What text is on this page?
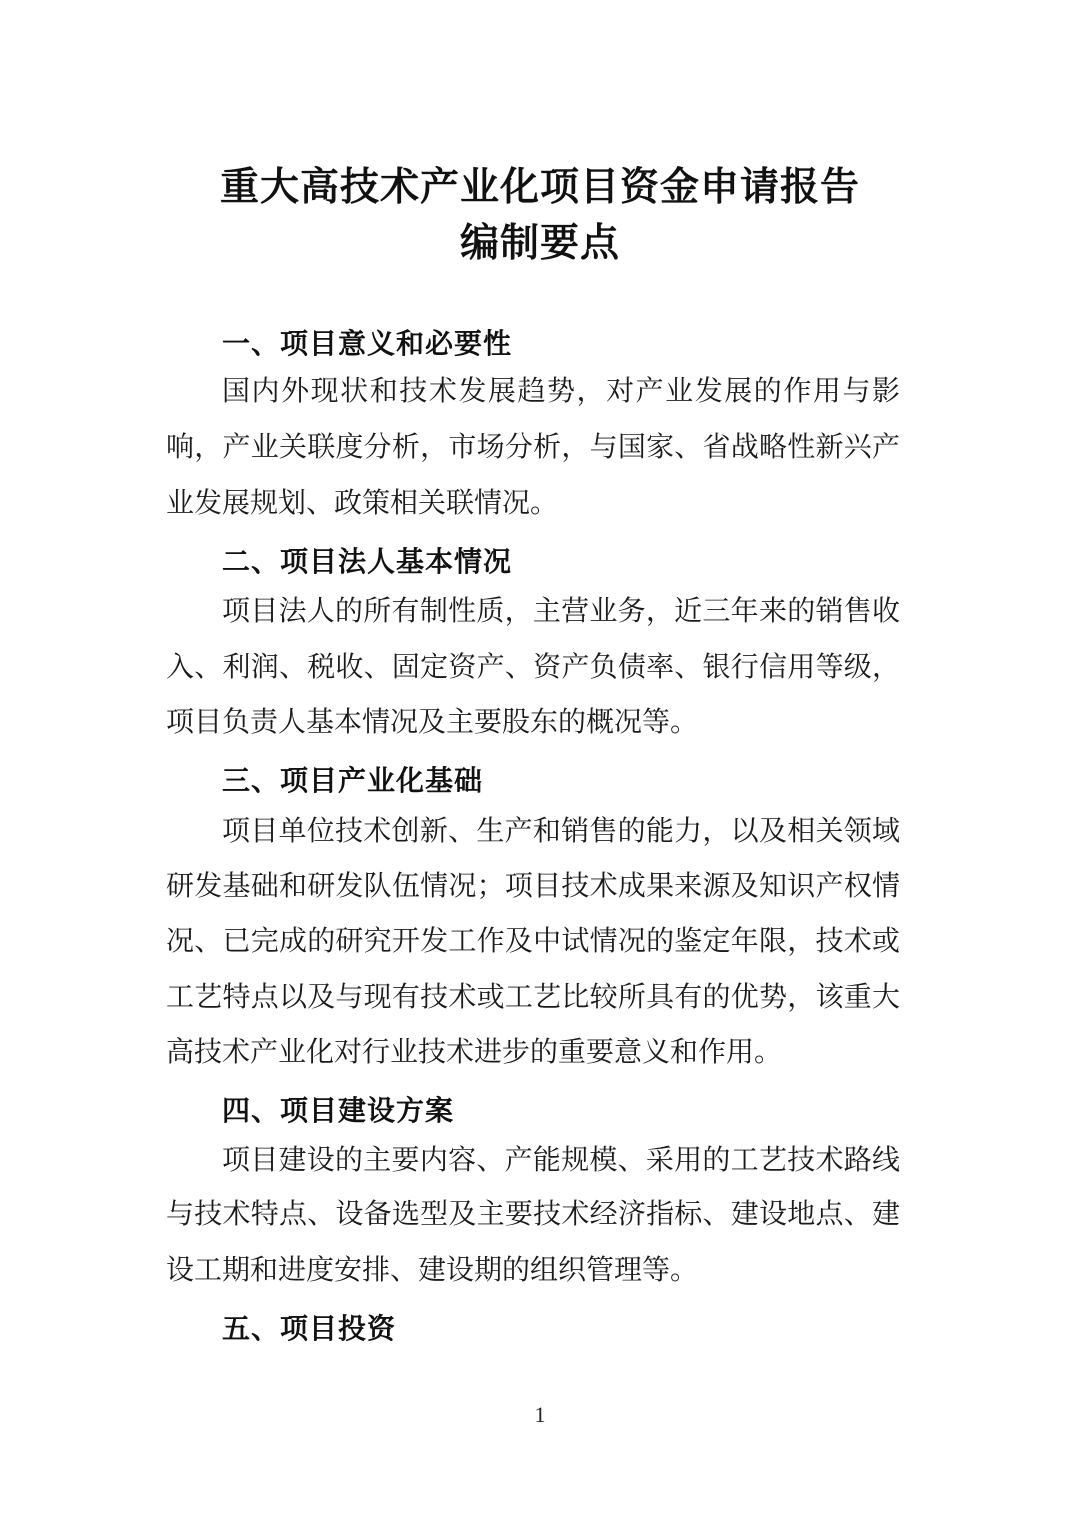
重大高技术产业化项目资金申请报告
编制要点
一、项目意义和必要性
国内外现状和技术发展趋势，对产业发展的作用与影
响，产业关联度分析，市场分析，与国家、省战略性新兴产
业发展规划、政策相关联情况。
二、项目法人基本情况
项目法人的所有制性质，主营业务，近三年来的销售收
入、利润、税收、固定资产、资产负债率、银行信用等级，
项目负责人基本情况及主要股东的概况等。
三、项目产业化基础
项目单位技术创新、生产和销售的能力，以及相关领域
研发基础和研发队伍情况；项目技术成果来源及知识产权情
况、已完成的研究开发工作及中试情况的鉴定年限，技术或
工艺特点以及与现有技术或工艺比较所具有的优势，该重大
高技术产业化对行业技术进步的重要意义和作用。
四、项目建设方案
项目建设的主要内容、产能规模、采用的工艺技术路线
与技术特点、设备选型及主要技术经济指标、建设地点、建
设工期和进度安排、建设期的组织管理等。
五、项目投资
1
